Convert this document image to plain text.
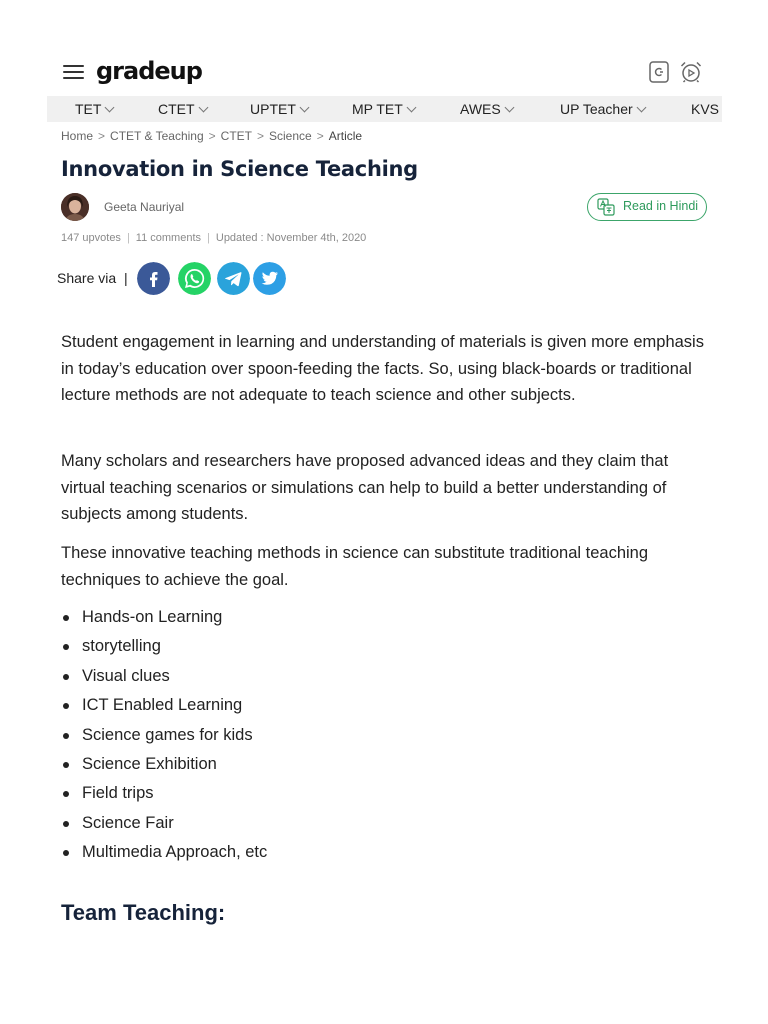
gradeup
TET	CTET	UPTET	MP TET	AWES	UP Teacher	KVS
Home > CTET & Teaching > CTET > Science > Article
Innovation in Science Teaching
Geeta Nauriyal	Read in Hindi
147 upvotes | 11 comments | Updated : November 4th, 2020
Share via |

Student engagement in learning and understanding of materials is given more emphasis in today’s education over spoon-feeding the facts. So, using black-boards or traditional lecture methods are not adequate to teach science and other subjects.

Many scholars and researchers have proposed advanced ideas and they claim that virtual teaching scenarios or simulations can help to build a better understanding of subjects among students.

These innovative teaching methods in science can substitute traditional teaching techniques to achieve the goal.

Hands-on Learning
storytelling
Visual clues
ICT Enabled Learning
Science games for kids
Science Exhibition
Field trips
Science Fair
Multimedia Approach, etc
Team Teaching:
